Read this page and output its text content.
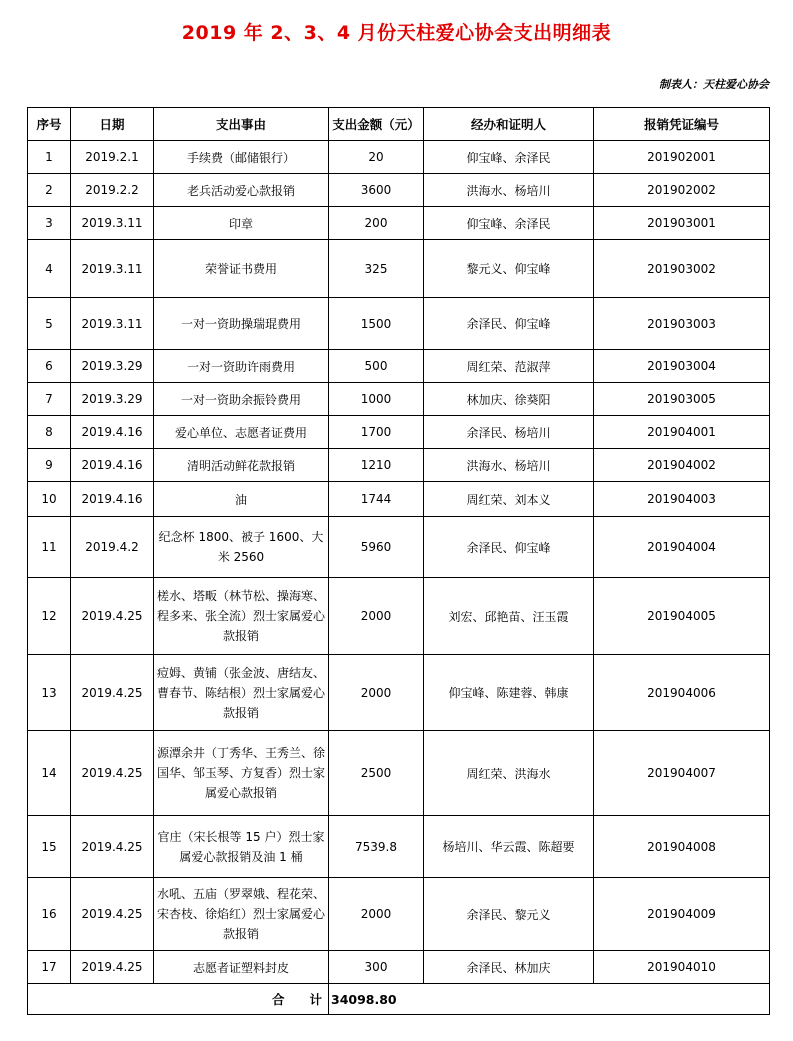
2019 年 2、3、4 月份天柱爱心协会支出明细表
制表人：天柱爱心协会
序号	日期	支出事由	支出金额（元）	经办和证明人	报销凭证编号
1	2019.2.1	手续费（邮储银行）	20	仰宝峰、余泽民	201902001
2	2019.2.2	老兵活动爱心款报销	3600	洪海水、杨培川	201902002
3	2019.3.11	印章	200	仰宝峰、余泽民	201903001
4	2019.3.11	荣誉证书费用	325	黎元义、仰宝峰	201903002
5	2019.3.11	一对一资助操瑞琨费用	1500	余泽民、仰宝峰	201903003
6	2019.3.29	一对一资助许雨费用	500	周红荣、范淑萍	201903004
7	2019.3.29	一对一资助余振铃费用	1000	林加庆、徐葵阳	201903005
8	2019.4.16	爱心单位、志愿者证费用	1700	余泽民、杨培川	201904001
9	2019.4.16	清明活动鲜花款报销	1210	洪海水、杨培川	201904002
10	2019.4.16	油	1744	周红荣、刘本义	201904003
11	2019.4.2	纪念杯 1800、被子 1600、大米 2560	5960	余泽民、仰宝峰	201904004
12	2019.4.25	槎水、塔畈（林节松、操海寒、程多来、张全流）烈士家属爱心款报销	2000	刘宏、邱艳苗、汪玉霞	201904005
13	2019.4.25	痘姆、黄铺（张金波、唐结友、曹春节、陈结根）烈士家属爱心款报销	2000	仰宝峰、陈建蓉、韩康	201904006
14	2019.4.25	源潭余井（丁秀华、王秀兰、徐国华、邹玉琴、方复香）烈士家属爱心款报销	2500	周红荣、洪海水	201904007
15	2019.4.25	官庄（宋长根等 15 户）烈士家属爱心款报销及油 1 桶	7539.8	杨培川、华云霞、陈超要	201904008
16	2019.4.25	水吼、五庙（罗翠娥、程花荣、宋杏枝、徐焰红）烈士家属爱心款报销	2000	余泽民、黎元义	201904009
17	2019.4.25	志愿者证塑料封皮	300	余泽民、林加庆	201904010
合　　计			34098.80		
